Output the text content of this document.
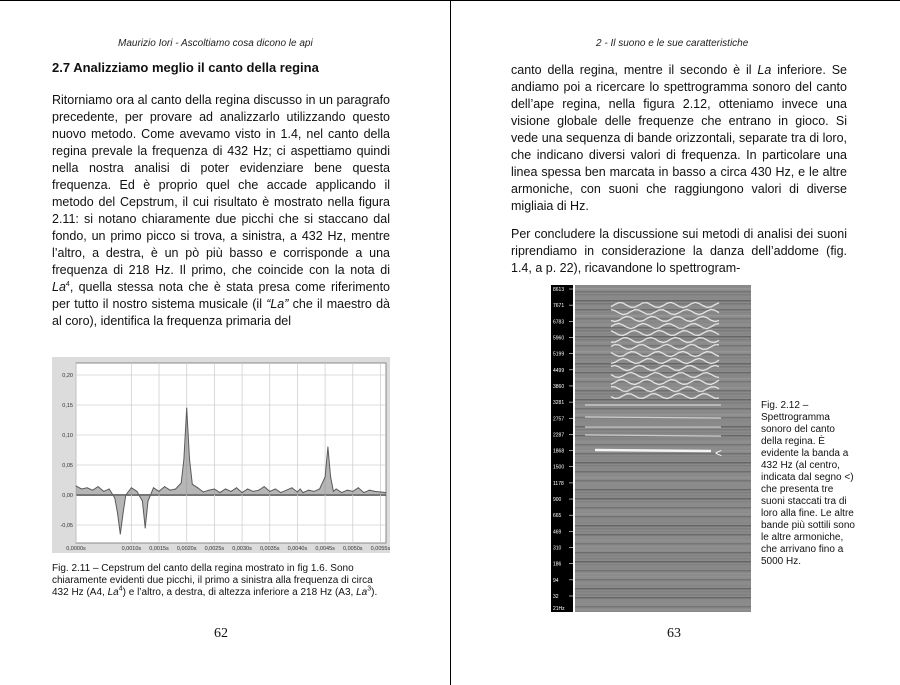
Maurizio Iori - Ascoltiamo cosa dicono le api
2.7 Analizziamo meglio il canto della regina

Ritorniamo ora al canto della regina discusso in un paragrafo precedente, per provare ad analizzarlo utilizzando questo nuovo metodo. Come avevamo visto in 1.4, nel canto della regina prevale la frequenza di 432 Hz; ci aspettiamo quindi nella nostra analisi di poter evidenziare bene questa frequenza. Ed è proprio quel che accade applicando il metodo del Cepstrum, il cui risultato è mostrato nella figura 2.11: si notano chiaramente due picchi che si staccano dal fondo, un primo picco si trova, a sinistra, a 432 Hz, mentre l’altro, a destra, è un pò più basso e corrisponde a una frequenza di 218 Hz. Il primo, che coincide con la nota di La$^4$, quella stessa nota che è stata presa come riferimento per tutto il nostro sistema musicale (il “La” che il maestro dà al coro), identifica la frequenza primaria del

0,20
0,15
0,10
0,05
0,00
-0,05
0,0000s	0,0010s 0,0015s 0,0020s 0,0025s 0,0030s 0,0035s 0,0040s 0,0045s 0,0050s 0,0055s

Fig. 2.11 – Cepstrum del canto della regina mostrato in fig 1.6. Sono chiaramente evidenti due picchi, il primo a sinistra alla frequenza di circa 432 Hz (A4, La$^4$) e l’altro, a destra, di altezza inferiore a 218 Hz (A3, La$^3$).

62
2 - Il suono e le sue caratteristiche

canto della regina, mentre il secondo è il La inferiore. Se andiamo poi a ricercare lo spettrogramma sonoro del canto dell’ape regina, nella figura 2.12, otteniamo invece una visione globale delle frequenze che entrano in gioco. Si vede una sequenza di bande orizzontali, separate tra di loro, che indicano diversi valori di frequenza. In particolare una linea spessa ben marcata in basso a circa 430 Hz, e le altre armoniche, con suoni che raggiungono valori di diverse migliaia di Hz.

Per concludere la discussione sui metodi di analisi dei suoni riprendiamo in considerazione la danza dell’addome (fig. 1.4, a p. 22), ricavandone lo spettrogram-

8613
7671
6783
5960
5199
4499
3860
3281
2757
2287
1868
1500
1178
900
665
469
310
186
94
32
21Hz
<

Fig. 2.12 – Spettrogramma sonoro del canto della regina. È evidente la banda a 432 Hz (al centro, indicata dal segno <) che presenta tre suoni staccati tra di loro alla fine. Le altre bande più sottili sono le altre armoniche, che arrivano fino a 5000 Hz.

63
